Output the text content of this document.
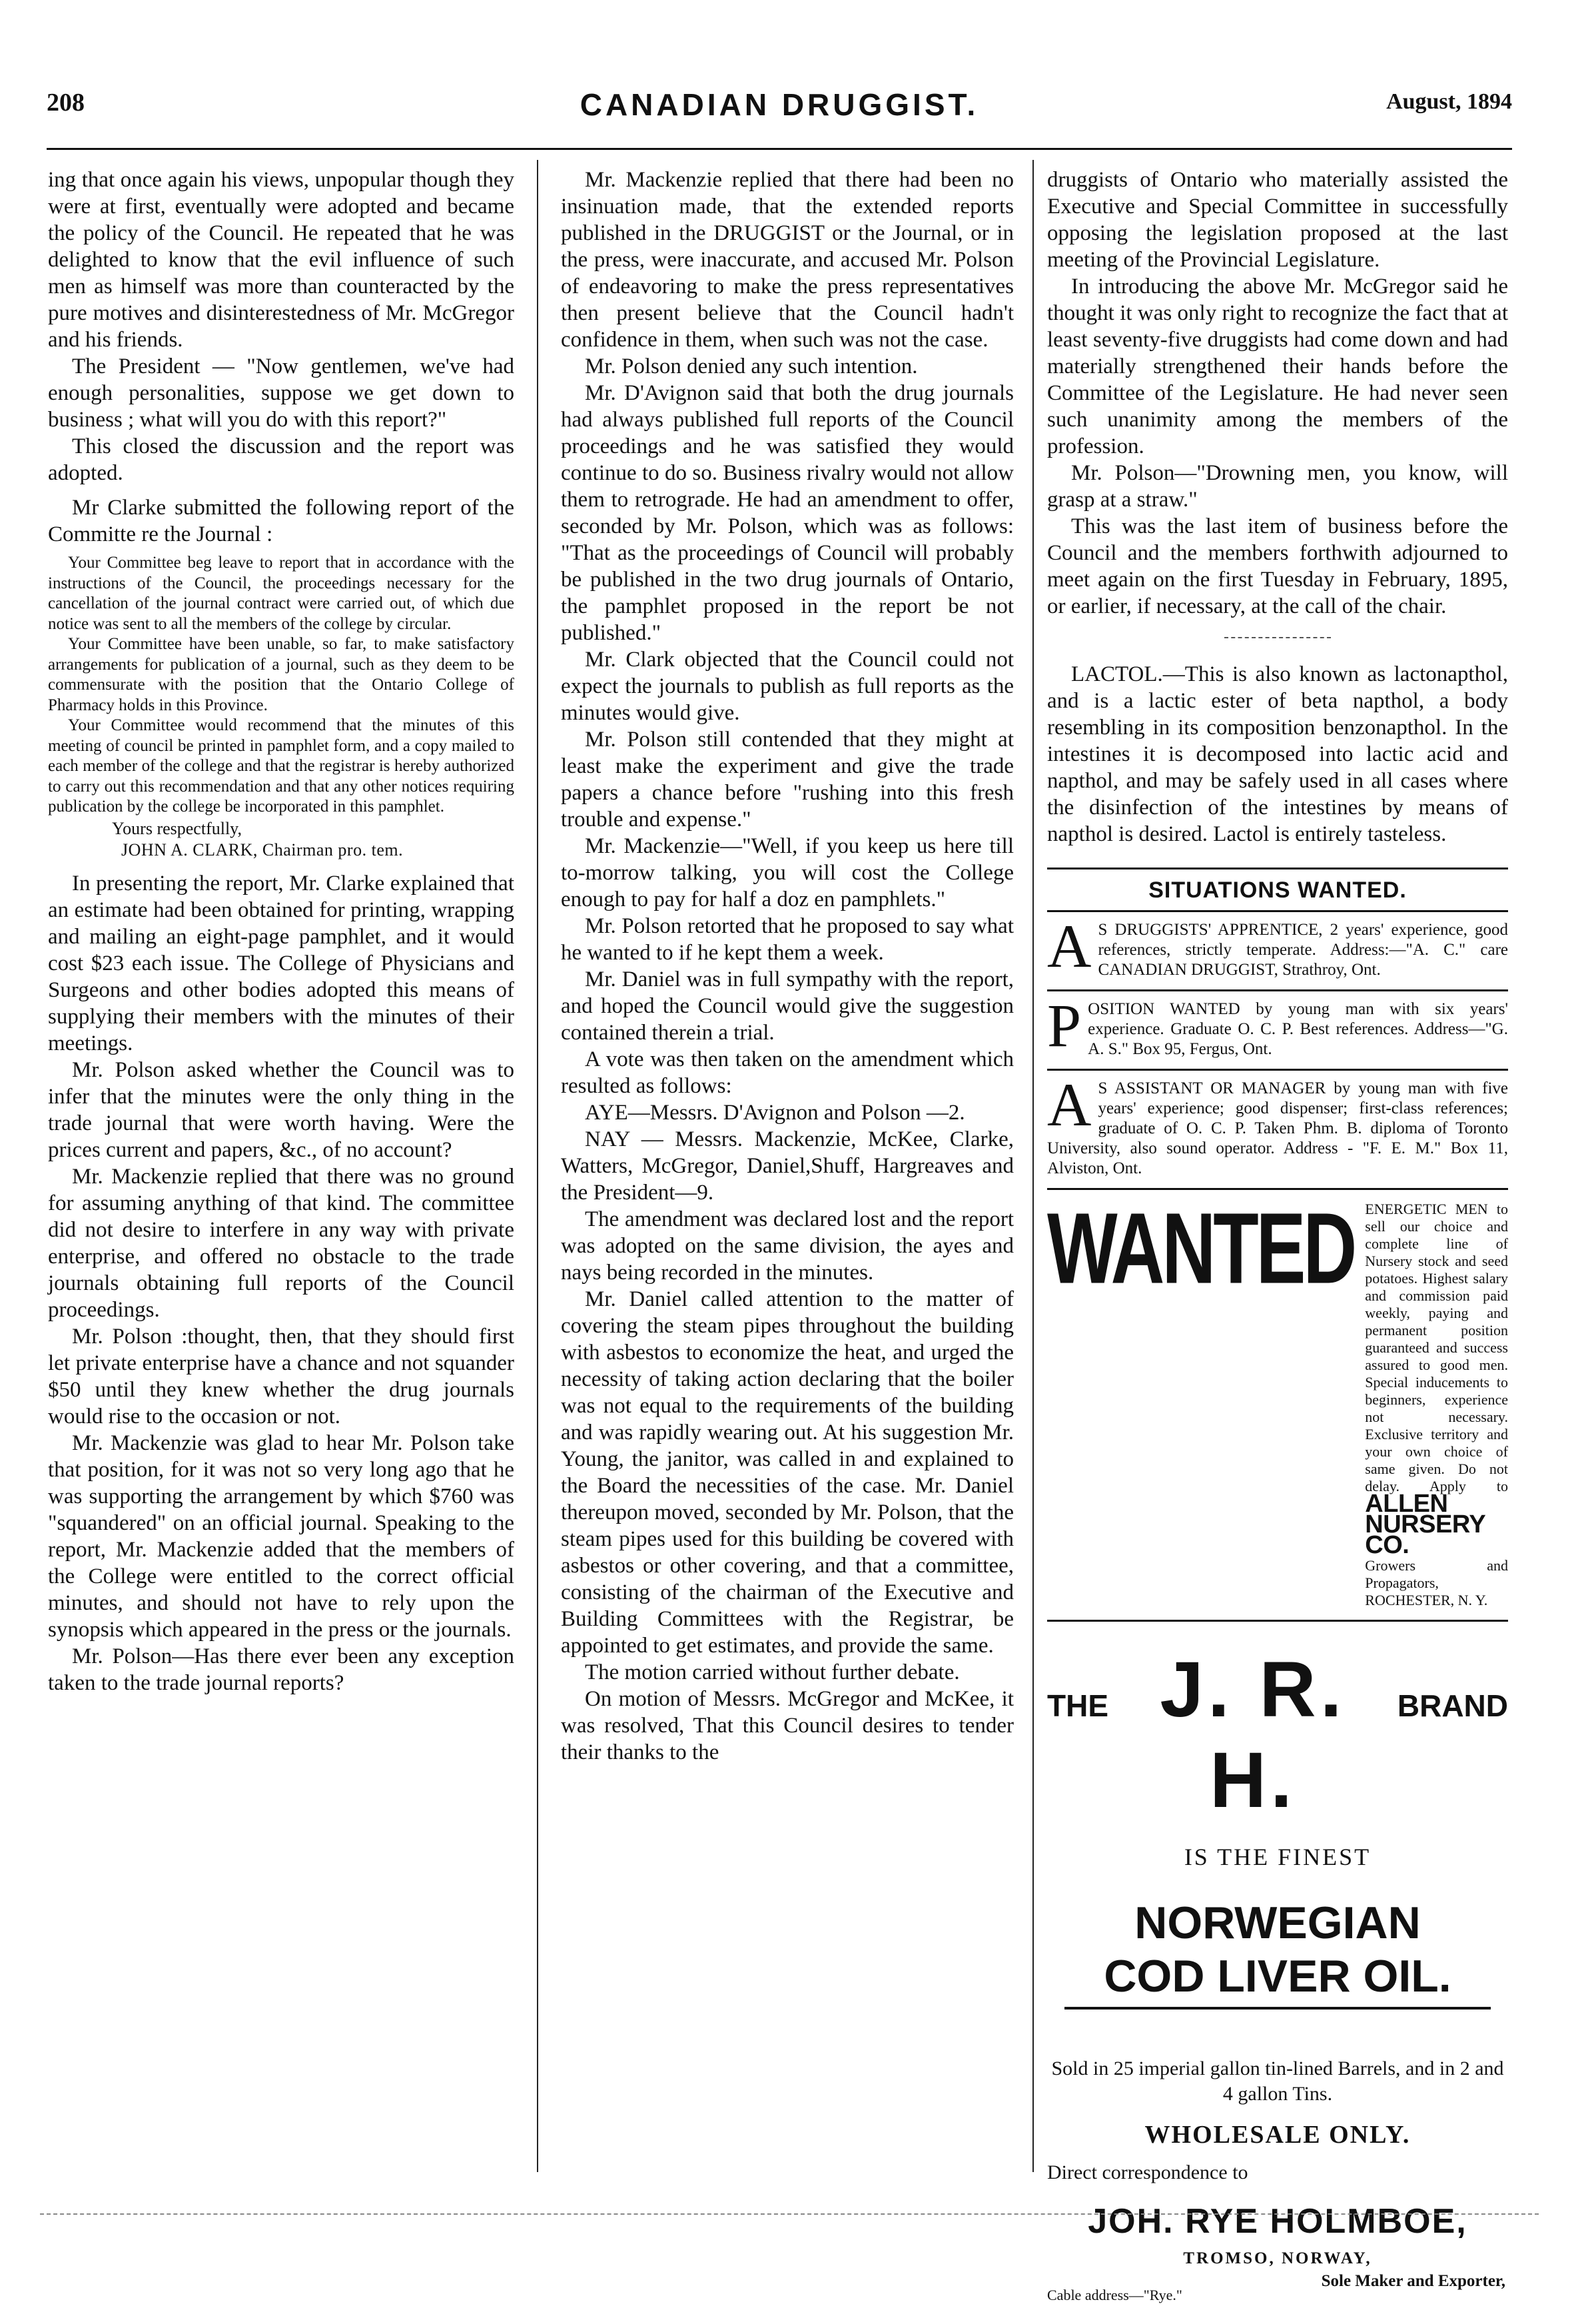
208	CANADIAN DRUGGIST.	August, 1894

ing that once again his views, unpopular though they were at first, eventually were adopted and became the policy of the Council. He repeated that he was delighted to know that the evil influence of such men as himself was more than counteracted by the pure motives and disinterestedness of Mr. McGregor and his friends.

The President — "Now gentlemen, we've had enough personalities, suppose we get down to business ; what will you do with this report?"

This closed the discussion and the report was adopted.

Mr Clarke submitted the following report of the Committe re the Journal :

Your Committee beg leave to report that in accordance with the instructions of the Council, the proceedings necessary for the cancellation of the journal contract were carried out, of which due notice was sent to all the members of the college by circular.

Your Committee have been unable, so far, to make satisfactory arrangements for publication of a journal, such as they deem to be commensurate with the position that the Ontario College of Pharmacy holds in this Province.

Your Committee would recommend that the minutes of this meeting of council be printed in pamphlet form, and a copy mailed to each member of the college and that the registrar is hereby authorized to carry out this recommendation and that any other notices requiring publication by the college be incorporated in this pamphlet.

Yours respectfully,
JOHN A. CLARK, Chairman pro. tem.

In presenting the report, Mr. Clarke explained that an estimate had been obtained for printing, wrapping and mailing an eight-page pamphlet, and it would cost $23 each issue. The College of Physicians and Surgeons and other bodies adopted this means of supplying their members with the minutes of their meetings.

Mr. Polson asked whether the Council was to infer that the minutes were the only thing in the trade journal that were worth having. Were the prices current and papers, &c., of no account?

Mr. Mackenzie replied that there was no ground for assuming anything of that kind. The committee did not desire to interfere in any way with private enterprise, and offered no obstacle to the trade journals obtaining full reports of the Council proceedings.

Mr. Polson :thought, then, that they should first let private enterprise have a chance and not squander $50 until they knew whether the drug journals would rise to the occasion or not.

Mr. Mackenzie was glad to hear Mr. Polson take that position, for it was not so very long ago that he was supporting the arrangement by which $760 was "squandered" on an official journal. Speaking to the report, Mr. Mackenzie added that the members of the College were entitled to the correct official minutes, and should not have to rely upon the synopsis which appeared in the press or the journals.

Mr. Polson—Has there ever been any exception taken to the trade journal reports?

Mr. Mackenzie replied that there had been no insinuation made, that the extended reports published in the DRUGGIST or the Journal, or in the press, were inaccurate, and accused Mr. Polson of endeavoring to make the press representatives then present believe that the Council hadn't confidence in them, when such was not the case.

Mr. Polson denied any such intention.

Mr. D'Avignon said that both the drug journals had always published full reports of the Council proceedings and he was satisfied they would continue to do so. Business rivalry would not allow them to retrograde. He had an amendment to offer, seconded by Mr. Polson, which was as follows: "That as the proceedings of Council will probably be published in the two drug journals of Ontario, the pamphlet proposed in the report be not published."

Mr. Clark objected that the Council could not expect the journals to publish as full reports as the minutes would give.

Mr. Polson still contended that they might at least make the experiment and give the trade papers a chance before "rushing into this fresh trouble and expense."

Mr. Mackenzie—"Well, if you keep us here till to-morrow talking, you will cost the College enough to pay for half a doz en pamphlets."

Mr. Polson retorted that he proposed to say what he wanted to if he kept them a week.

Mr. Daniel was in full sympathy with the report, and hoped the Council would give the suggestion contained therein a trial.

A vote was then taken on the amendment which resulted as follows:

AYE—Messrs. D'Avignon and Polson —2.

NAY — Messrs. Mackenzie, McKee, Clarke, Watters, McGregor, Daniel,Shuff, Hargreaves and the President—9.

The amendment was declared lost and the report was adopted on the same division, the ayes and nays being recorded in the minutes.

Mr. Daniel called attention to the matter of covering the steam pipes throughout the building with asbestos to economize the heat, and urged the necessity of taking action declaring that the boiler was not equal to the requirements of the building and was rapidly wearing out. At his suggestion Mr. Young, the janitor, was called in and explained to the Board the necessities of the case. Mr. Daniel thereupon moved, seconded by Mr. Polson, that the steam pipes used for this building be covered with asbestos or other covering, and that a committee, consisting of the chairman of the Executive and Building Committees with the Registrar, be appointed to get estimates, and provide the same.

The motion carried without further debate.

On motion of Messrs. McGregor and McKee, it was resolved, That this Council desires to tender their thanks to the

druggists of Ontario who materially assisted the Executive and Special Committee in successfully opposing the legislation proposed at the last meeting of the Provincial Legislature.

In introducing the above Mr. McGregor said he thought it was only right to recognize the fact that at least seventy-five druggists had come down and had materially strengthened their hands before the Committee of the Legislature. He had never seen such unanimity among the members of the profession.

Mr. Polson—"Drowning men, you know, will grasp at a straw."

This was the last item of business before the Council and the members forthwith adjourned to meet again on the first Tuesday in February, 1895, or earlier, if necessary, at the call of the chair.

LACTOL.—This is also known as lactonapthol, and is a lactic ester of beta napthol, a body resembling in its composition benzonapthol. In the intestines it is decomposed into lactic acid and napthol, and may be safely used in all cases where the disinfection of the intestines by means of napthol is desired. Lactol is entirely tasteless.

SITUATIONS WANTED.
A S DRUGGISTS' APPRENTICE, 2 years' experience, good references, strictly temperate. Address:—"A. C." care CANADIAN DRUGGIST, Strathroy, Ont.
P OSITION WANTED by young man with six years' experience. Graduate O. C. P. Best references. Address—"G. A. S." Box 95, Fergus, Ont.
A S ASSISTANT OR MANAGER by young man with five years' experience; good dispenser; first-class references; graduate of O. C. P. Taken Phm. B. diploma of Toronto University, also sound operator. Address - "F. E. M." Box 11, Alviston, Ont.
WANTED ENERGETIC MEN to sell our choice and complete line of Nursery stock and seed potatoes. Highest salary and commission paid weekly, paying and permanent position guaranteed and success assured to good men. Special inducements to beginners, experience not necessary. Exclusive territory and your own choice of same given. Do not delay. Apply to ALLEN NURSERY CO.
Growers and Propagators, ROCHESTER, N. Y.
THE J. R. H.
BRAND
IS THE FINEST
NORWEGIAN
COD LIVER OIL.
Sold in 25 imperial gallon tin-lined Barrels, and in 2 and 4 gallon Tins.
WHOLESALE ONLY.
Direct correspondence to
JOH. RYE HOLMBOE,
TROMSO, NORWAY,
Sole Maker and Exporter,
Cable address—"Rye."
